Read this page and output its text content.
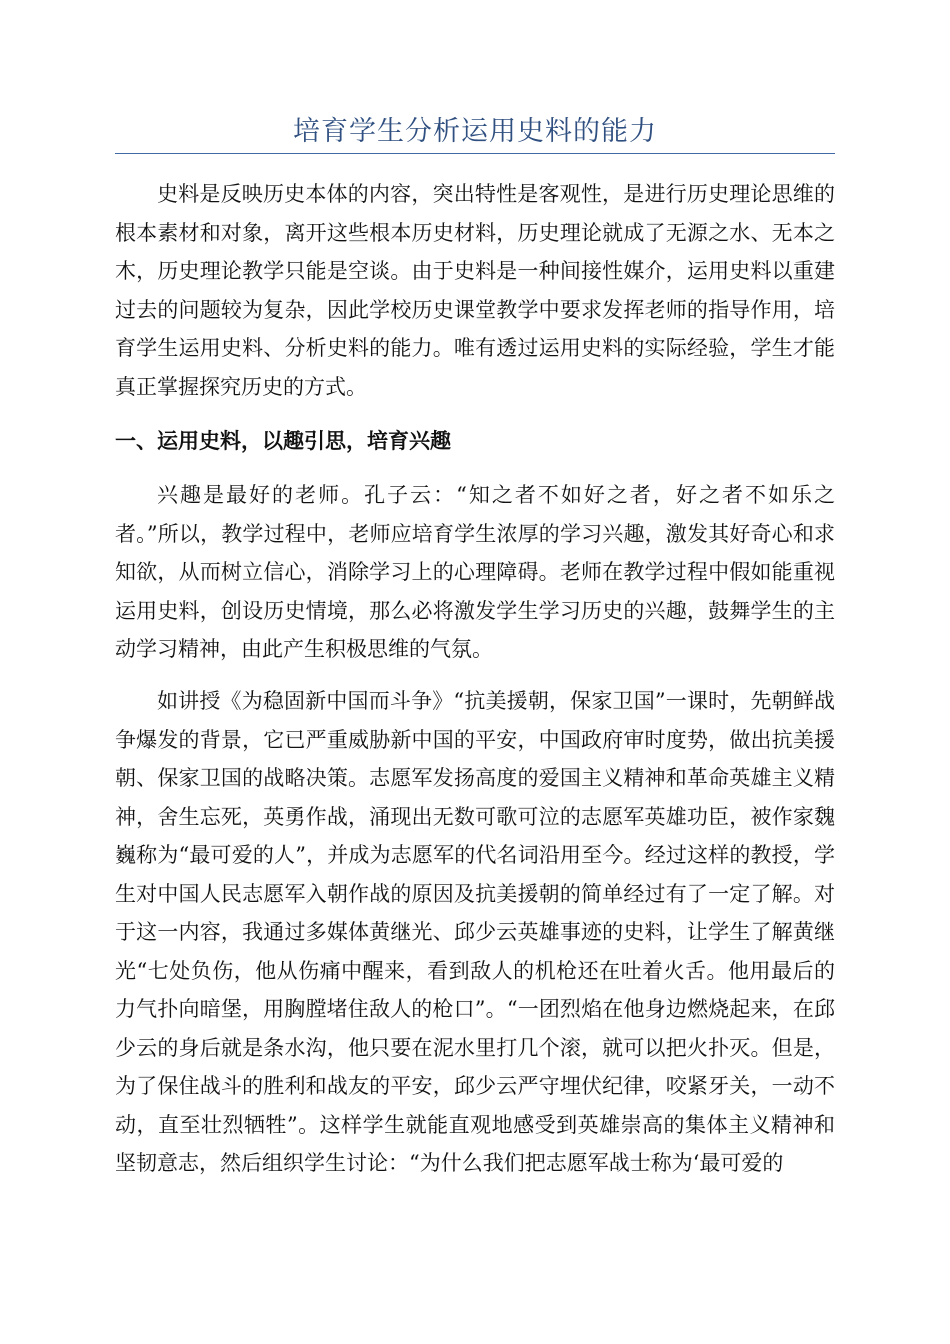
培育学生分析运用史料的能力

史料是反映历史本体的内容，突出特性是客观性，是进行历史理论思维的根本素材和对象，离开这些根本历史材料，历史理论就成了无源之水、无本之木，历史理论教学只能是空谈。由于史料是一种间接性媒介，运用史料以重建过去的问题较为复杂，因此学校历史课堂教学中要求发挥老师的指导作用，培育学生运用史料、分析史料的能力。唯有透过运用史料的实际经验，学生才能真正掌握探究历史的方式。

一、运用史料，以趣引思，培育兴趣

兴趣是最好的老师。孔子云：“知之者不如好之者，好之者不如乐之者。”所以，教学过程中，老师应培育学生浓厚的学习兴趣，激发其好奇心和求知欲，从而树立信心，消除学习上的心理障碍。老师在教学过程中假如能重视运用史料，创设历史情境，那么必将激发学生学习历史的兴趣，鼓舞学生的主动学习精神，由此产生积极思维的气氛。

如讲授《为稳固新中国而斗争》“抗美援朝，保家卫国”一课时，先朝鲜战争爆发的背景，它已严重威胁新中国的平安，中国政府审时度势，做出抗美援朝、保家卫国的战略决策。志愿军发扬高度的爱国主义精神和革命英雄主义精神，舍生忘死，英勇作战，涌现出无数可歌可泣的志愿军英雄功臣，被作家魏巍称为“最可爱的人”，并成为志愿军的代名词沿用至今。经过这样的教授，学生对中国人民志愿军入朝作战的原因及抗美援朝的简单经过有了一定了解。对于这一内容，我通过多媒体黄继光、邱少云英雄事迹的史料，让学生了解黄继光“七处负伤，他从伤痛中醒来，看到敌人的机枪还在吐着火舌。他用最后的力气扑向暗堡，用胸膛堵住敌人的枪口”。“一团烈焰在他身边燃烧起来，在邱少云的身后就是条水沟，他只要在泥水里打几个滚，就可以把火扑灭。但是，为了保住战斗的胜利和战友的平安，邱少云严守埋伏纪律，咬紧牙关，一动不动，直至壮烈牺牲”。这样学生就能直观地感受到英雄崇高的集体主义精神和坚韧意志，然后组织学生讨论：“为什么我们把志愿军战士称为‘最可爱的
